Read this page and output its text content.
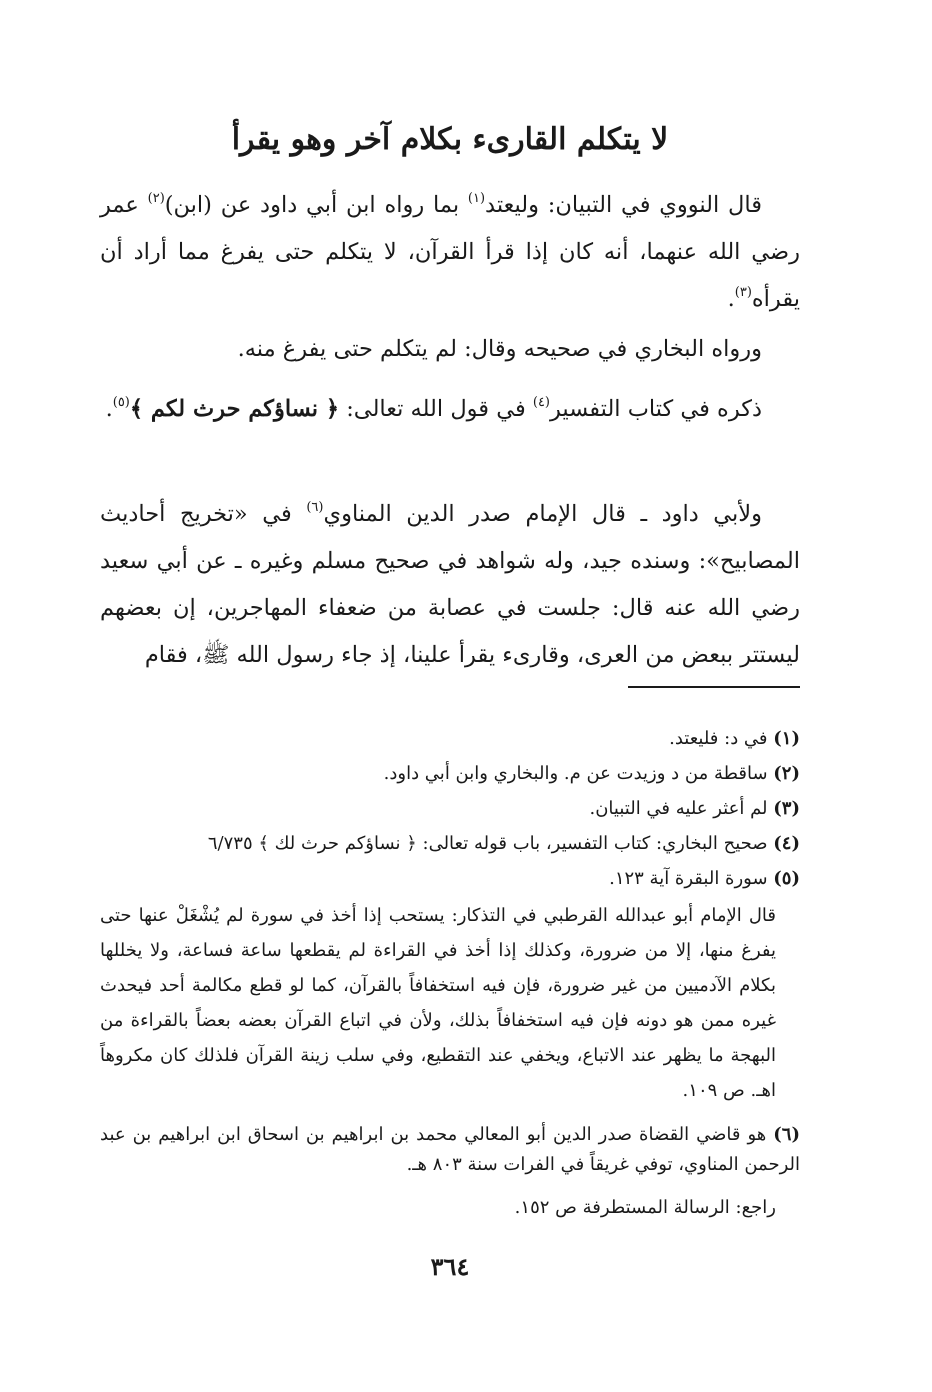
لا يتكلم القارىء بكلام آخر وهو يقرأ

قال النووي في التبيان: وليعتد$^{(١)}$ بما رواه ابن أبي داود عن (ابن)$^{(٢)}$ عمر رضي الله عنهما، أنه كان إذا قرأ القرآن، لا يتكلم حتى يفرغ مما أراد أن يقرأه$^{(٣)}$.

ورواه البخاري في صحيحه وقال: لم يتكلم حتى يفرغ منه.

ذكره في كتاب التفسير$^{(٤)}$ في قول الله تعالى: ﴿ نساؤكم حرث لكم ﴾$^{(٥)}$.

ولأبي داود ـ قال الإمام صدر الدين المناوي$^{(٦)}$ في «تخريج أحاديث المصابيح»: وسنده جيد، وله شواهد في صحيح مسلم وغيره ـ عن أبي سعيد رضي الله عنه قال: جلست في عصابة من ضعفاء المهاجرين، إن بعضهم ليستتر ببعض من العرى، وقارىء يقرأ علينا، إذ جاء رسول الله ﷺ، فقام

(١) في د: فليعتد.

(٢) ساقطة من د وزيدت عن م. والبخاري وابن أبي داود.

(٣) لم أعثر عليه في التبيان.

(٤) صحيح البخاري: كتاب التفسير، باب قوله تعالى: ﴿ نساؤكم حرث لك ﴾ ٦/٧٣٥

(٥) سورة البقرة آية ١٢٣.

قال الإمام أبو عبدالله القرطبي في التذكار: يستحب إذا أخذ في سورة لم يُشْغَلْ عنها حتى يفرغ منها، إلا من ضرورة، وكذلك إذا أخذ في القراءة لم يقطعها ساعة فساعة، ولا يخللها بكلام الآدميين من غير ضرورة، فإن فيه استخفافاً بالقرآن، كما لو قطع مكالمة أحد فيحدث غيره ممن هو دونه فإن فيه استخفافاً بذلك، ولأن في اتباع القرآن بعضه بعضاً بالقراءة من البهجة ما يظهر عند الاتباع، ويخفي عند التقطيع، وفي سلب زينة القرآن فلذلك كان مكروهاً اهـ. ص ١٠٩.

(٦) هو قاضي القضاة صدر الدين أبو المعالي محمد بن ابراهيم بن اسحاق ابن ابراهيم بن عبد الرحمن المناوي، توفي غريقاً في الفرات سنة ٨٠٣ هـ.

راجع: الرسالة المستطرفة ص ١٥٢.

٣٦٤
